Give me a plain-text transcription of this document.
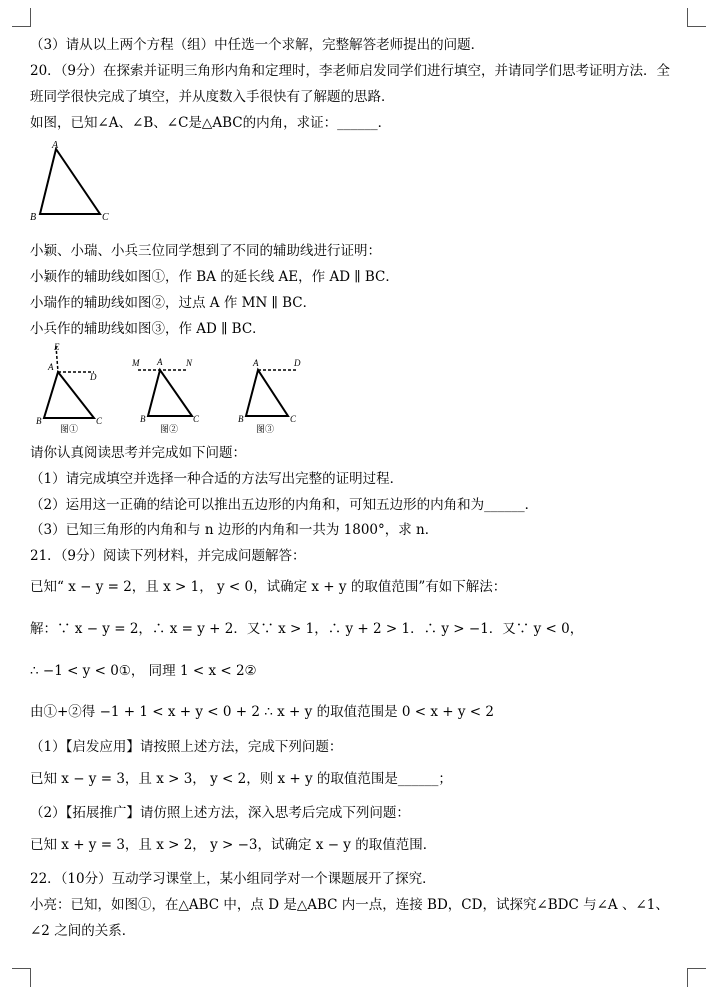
（3）请从以上两个方程（组）中任选一个求解，完整解答老师提出的问题．
20．（9分）在探索并证明三角形内角和定理时，李老师启发同学们进行填空，并请同学们思考证明方法．全
班同学很快完成了填空，并从度数入手很快有了解题的思路．
如图，已知∠A、∠B、∠C是△ABC的内角，求证：______．
A
B	C
小颖、小瑞、小兵三位同学想到了不同的辅助线进行证明：
小颖作的辅助线如图①，作 BA 的延长线 AE，作 AD ∥ BC．
小瑞作的辅助线如图②，过点 A 作 MN ∥ BC．
小兵作的辅助线如图③，作 AD ∥ BC．
E
A
D
B	C
图①
M A	N
B	C
图②
A	D
B	C
图③
请你认真阅读思考并完成如下问题：
（1）请完成填空并选择一种合适的方法写出完整的证明过程．
（2）运用这一正确的结论可以推出五边形的内角和，可知五边形的内角和为______．
（3）已知三角形的内角和与 n 边形的内角和一共为 1800°，求 n．
21．（9分）阅读下列材料，并完成问题解答：
已知“ x − y = 2，且 x > 1， y < 0，试确定 x + y 的取值范围”有如下解法：
解：∵ x − y = 2，∴ x = y + 2．又∵ x > 1，∴ y + 2 > 1．∴ y > −1．又∵ y < 0，
∴ −1 < y < 0①， 同理 1 < x < 2②
由①+②得 −1 + 1 < x + y < 0 + 2 ∴ x + y 的取值范围是 0 < x + y < 2
（1）【启发应用】请按照上述方法，完成下列问题：
已知 x − y = 3，且 x > 3， y < 2，则 x + y 的取值范围是______；
（2）【拓展推广】请仿照上述方法，深入思考后完成下列问题：
已知 x + y = 3，且 x > 2， y > −3，试确定 x − y 的取值范围．
22．（10分）互动学习课堂上，某小组同学对一个课题展开了探究．
小亮：已知，如图①，在△ABC 中，点 D 是△ABC 内一点，连接 BD，CD，试探究∠BDC 与∠A 、∠1、
∠2 之间的关系．
